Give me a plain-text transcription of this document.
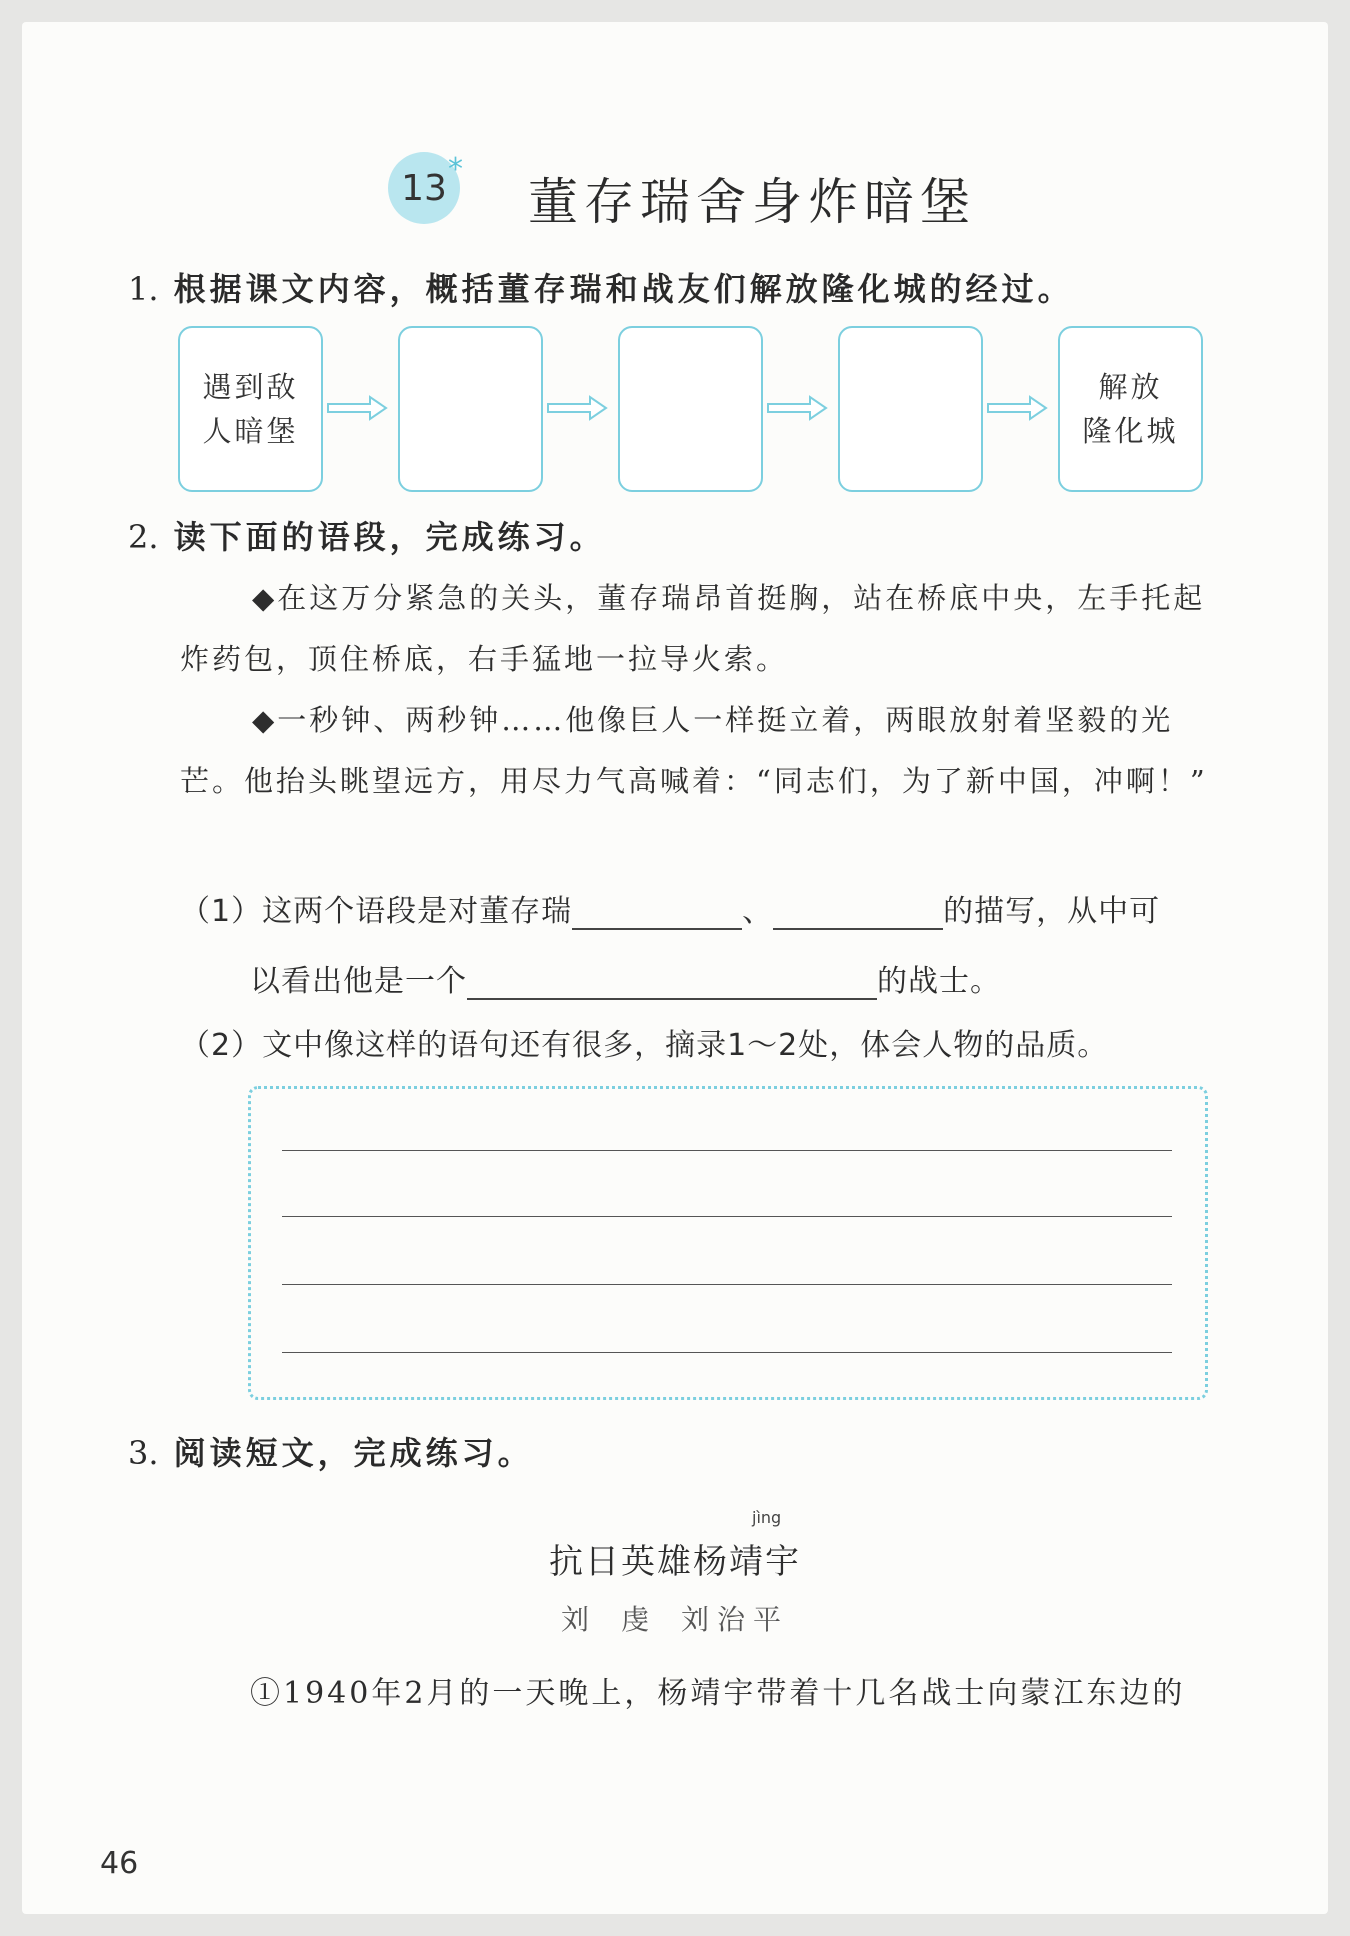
13 *
董存瑞舍身炸暗堡
1. 根据课文内容，概括董存瑞和战友们解放隆化城的经过。
遇到敌
人暗堡
解放
隆化城
2. 读下面的语段，完成练习。
◆在这万分紧急的关头，董存瑞昂首挺胸，站在桥底中央，左手托起炸药包，顶住桥底，右手猛地一拉导火索。
◆一秒钟、两秒钟……他像巨人一样挺立着，两眼放射着坚毅的光芒。他抬头眺望远方，用尽力气高喊着：“同志们，为了新中国，冲啊！”
（1）这两个语段是对董存瑞	、	的描写，从中可
以看出他是一个	的战士。
（2）文中像这样的语句还有很多，摘录1～2处，体会人物的品质。
3. 阅读短文，完成练习。
jìng
抗日英雄杨靖宇
刘 虔 刘治平
①1940年2月的一天晚上，杨靖宇带着十几名战士向蒙江东边的
46
